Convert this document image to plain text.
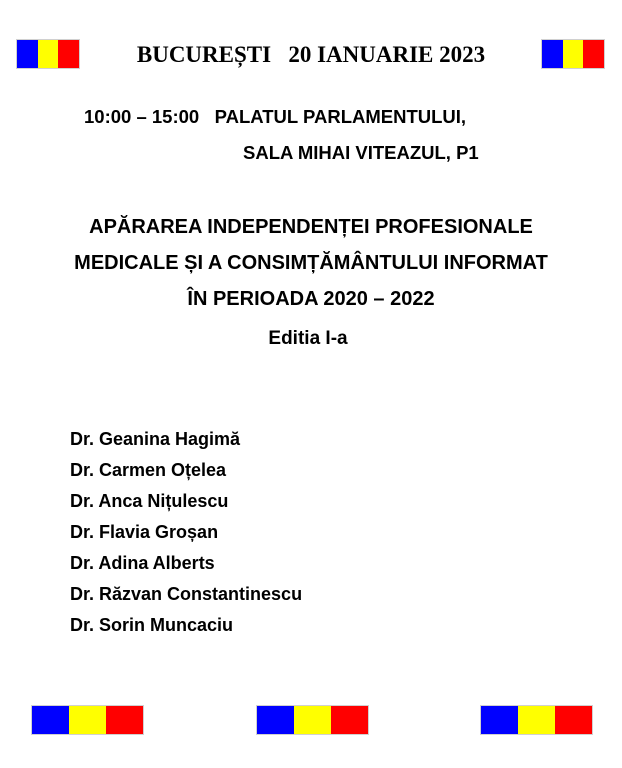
BUCUREȘTI   20 IANUARIE 2023
10:00 – 15:00   PALATUL PARLAMENTULUI,
SALA MIHAI VITEAZUL, P1
APĂRAREA INDEPENDENȚEI PROFESIONALE
MEDICALE ȘI A CONSIMȚĂMÂNTULUI INFORMAT
ÎN PERIOADA 2020 – 2022
Editia I-a
Dr. Geanina Hagimă
Dr. Carmen Oțelea
Dr. Anca Nițulescu
Dr. Flavia Groșan
Dr. Adina Alberts
Dr. Răzvan Constantinescu
Dr. Sorin Muncaciu
